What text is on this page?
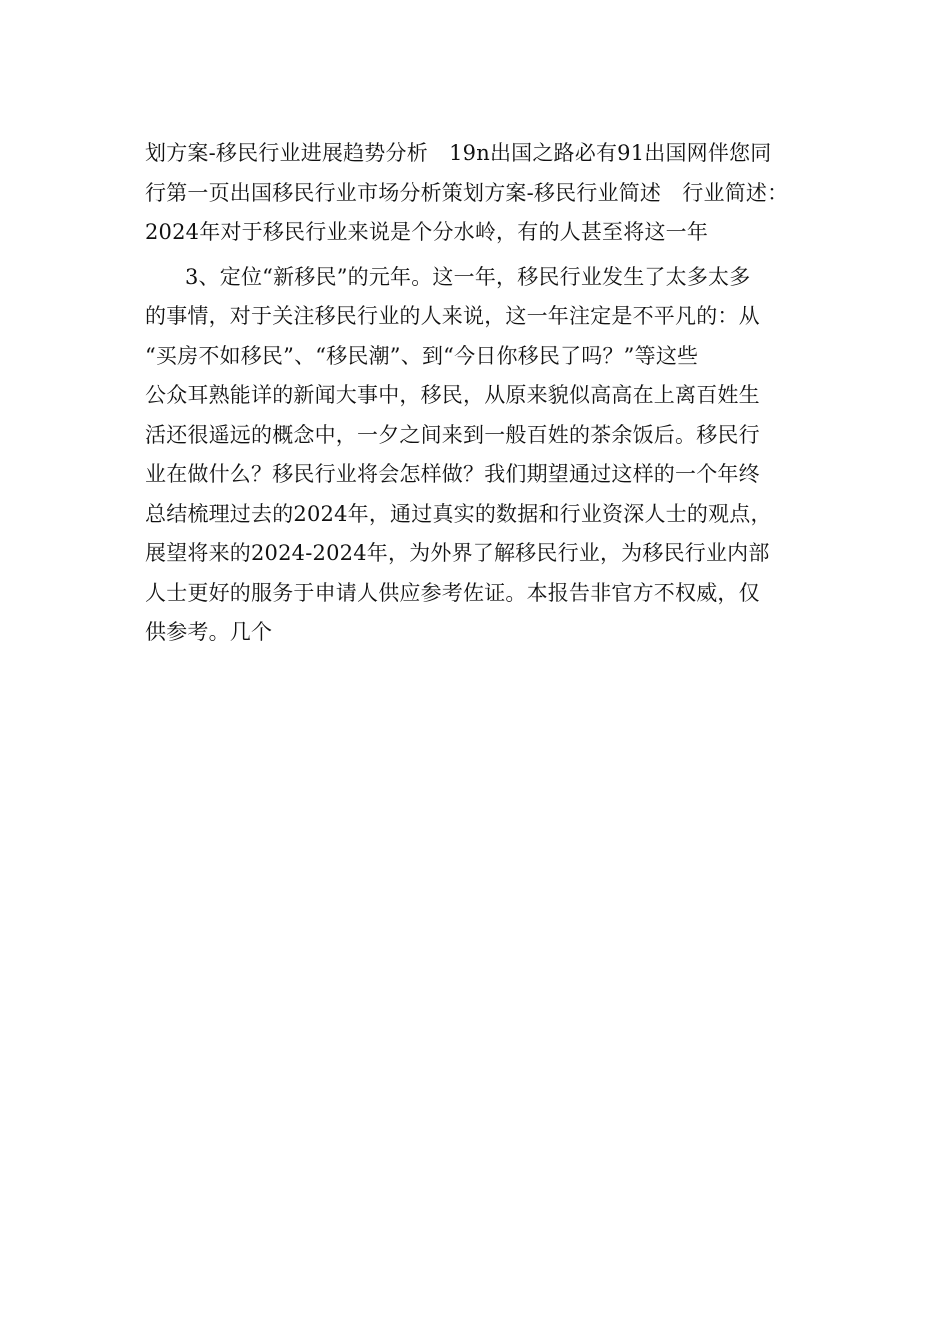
划方案-移民行业进展趋势分析　19n出国之路必有91出国网伴您同
行第一页出国移民行业市场分析策划方案-移民行业简述　行业简述：
2024年对于移民行业来说是个分水岭，有的人甚至将这一年
3、定位“新移民”的元年。这一年，移民行业发生了太多太多
的事情，对于关注移民行业的人来说，这一年注定是不平凡的：从
“买房不如移民”、“移民潮”、到“今日你移民了吗？”等这些
公众耳熟能详的新闻大事中，移民，从原来貌似高高在上离百姓生
活还很遥远的概念中，一夕之间来到一般百姓的茶余饭后。移民行
业在做什么？移民行业将会怎样做？我们期望通过这样的一个年终
总结梳理过去的2024年，通过真实的数据和行业资深人士的观点，
展望将来的2024-2024年，为外界了解移民行业，为移民行业内部
人士更好的服务于申请人供应参考佐证。本报告非官方不权威，仅
供参考。几个
